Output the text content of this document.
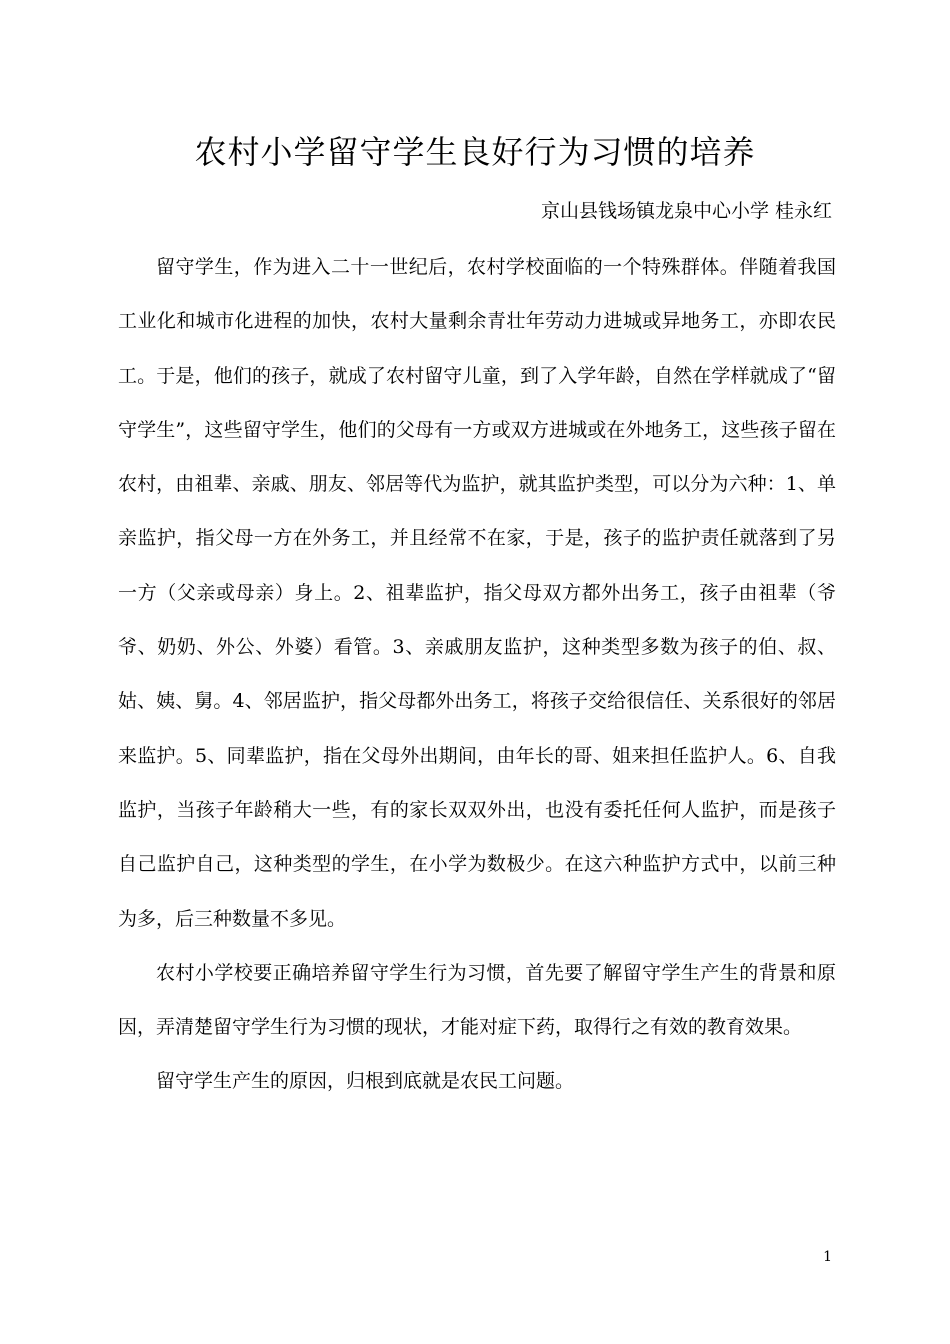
农村小学留守学生良好行为习惯的培养
京山县钱场镇龙泉中心小学 桂永红

留守学生，作为进入二十一世纪后，农村学校面临的一个特殊群体。伴随着我国工业化和城市化进程的加快，农村大量剩余青壮年劳动力进城或异地务工，亦即农民工。于是，他们的孩子，就成了农村留守儿童，到了入学年龄，自然在学样就成了“留守学生”，这些留守学生，他们的父母有一方或双方进城或在外地务工，这些孩子留在农村，由祖辈、亲戚、朋友、邻居等代为监护，就其监护类型，可以分为六种：1、单亲监护，指父母一方在外务工，并且经常不在家，于是，孩子的监护责任就落到了另一方（父亲或母亲）身上。2、祖辈监护，指父母双方都外出务工，孩子由祖辈（爷爷、奶奶、外公、外婆）看管。3、亲戚朋友监护，这种类型多数为孩子的伯、叔、姑、姨、舅。4、邻居监护，指父母都外出务工，将孩子交给很信任、关系很好的邻居来监护。5、同辈监护，指在父母外出期间，由年长的哥、姐来担任监护人。6、自我监护，当孩子年龄稍大一些，有的家长双双外出，也没有委托任何人监护，而是孩子自己监护自己，这种类型的学生，在小学为数极少。在这六种监护方式中，以前三种为多，后三种数量不多见。

农村小学校要正确培养留守学生行为习惯，首先要了解留守学生产生的背景和原因，弄清楚留守学生行为习惯的现状，才能对症下药，取得行之有效的教育效果。

留守学生产生的原因，归根到底就是农民工问题。

1
